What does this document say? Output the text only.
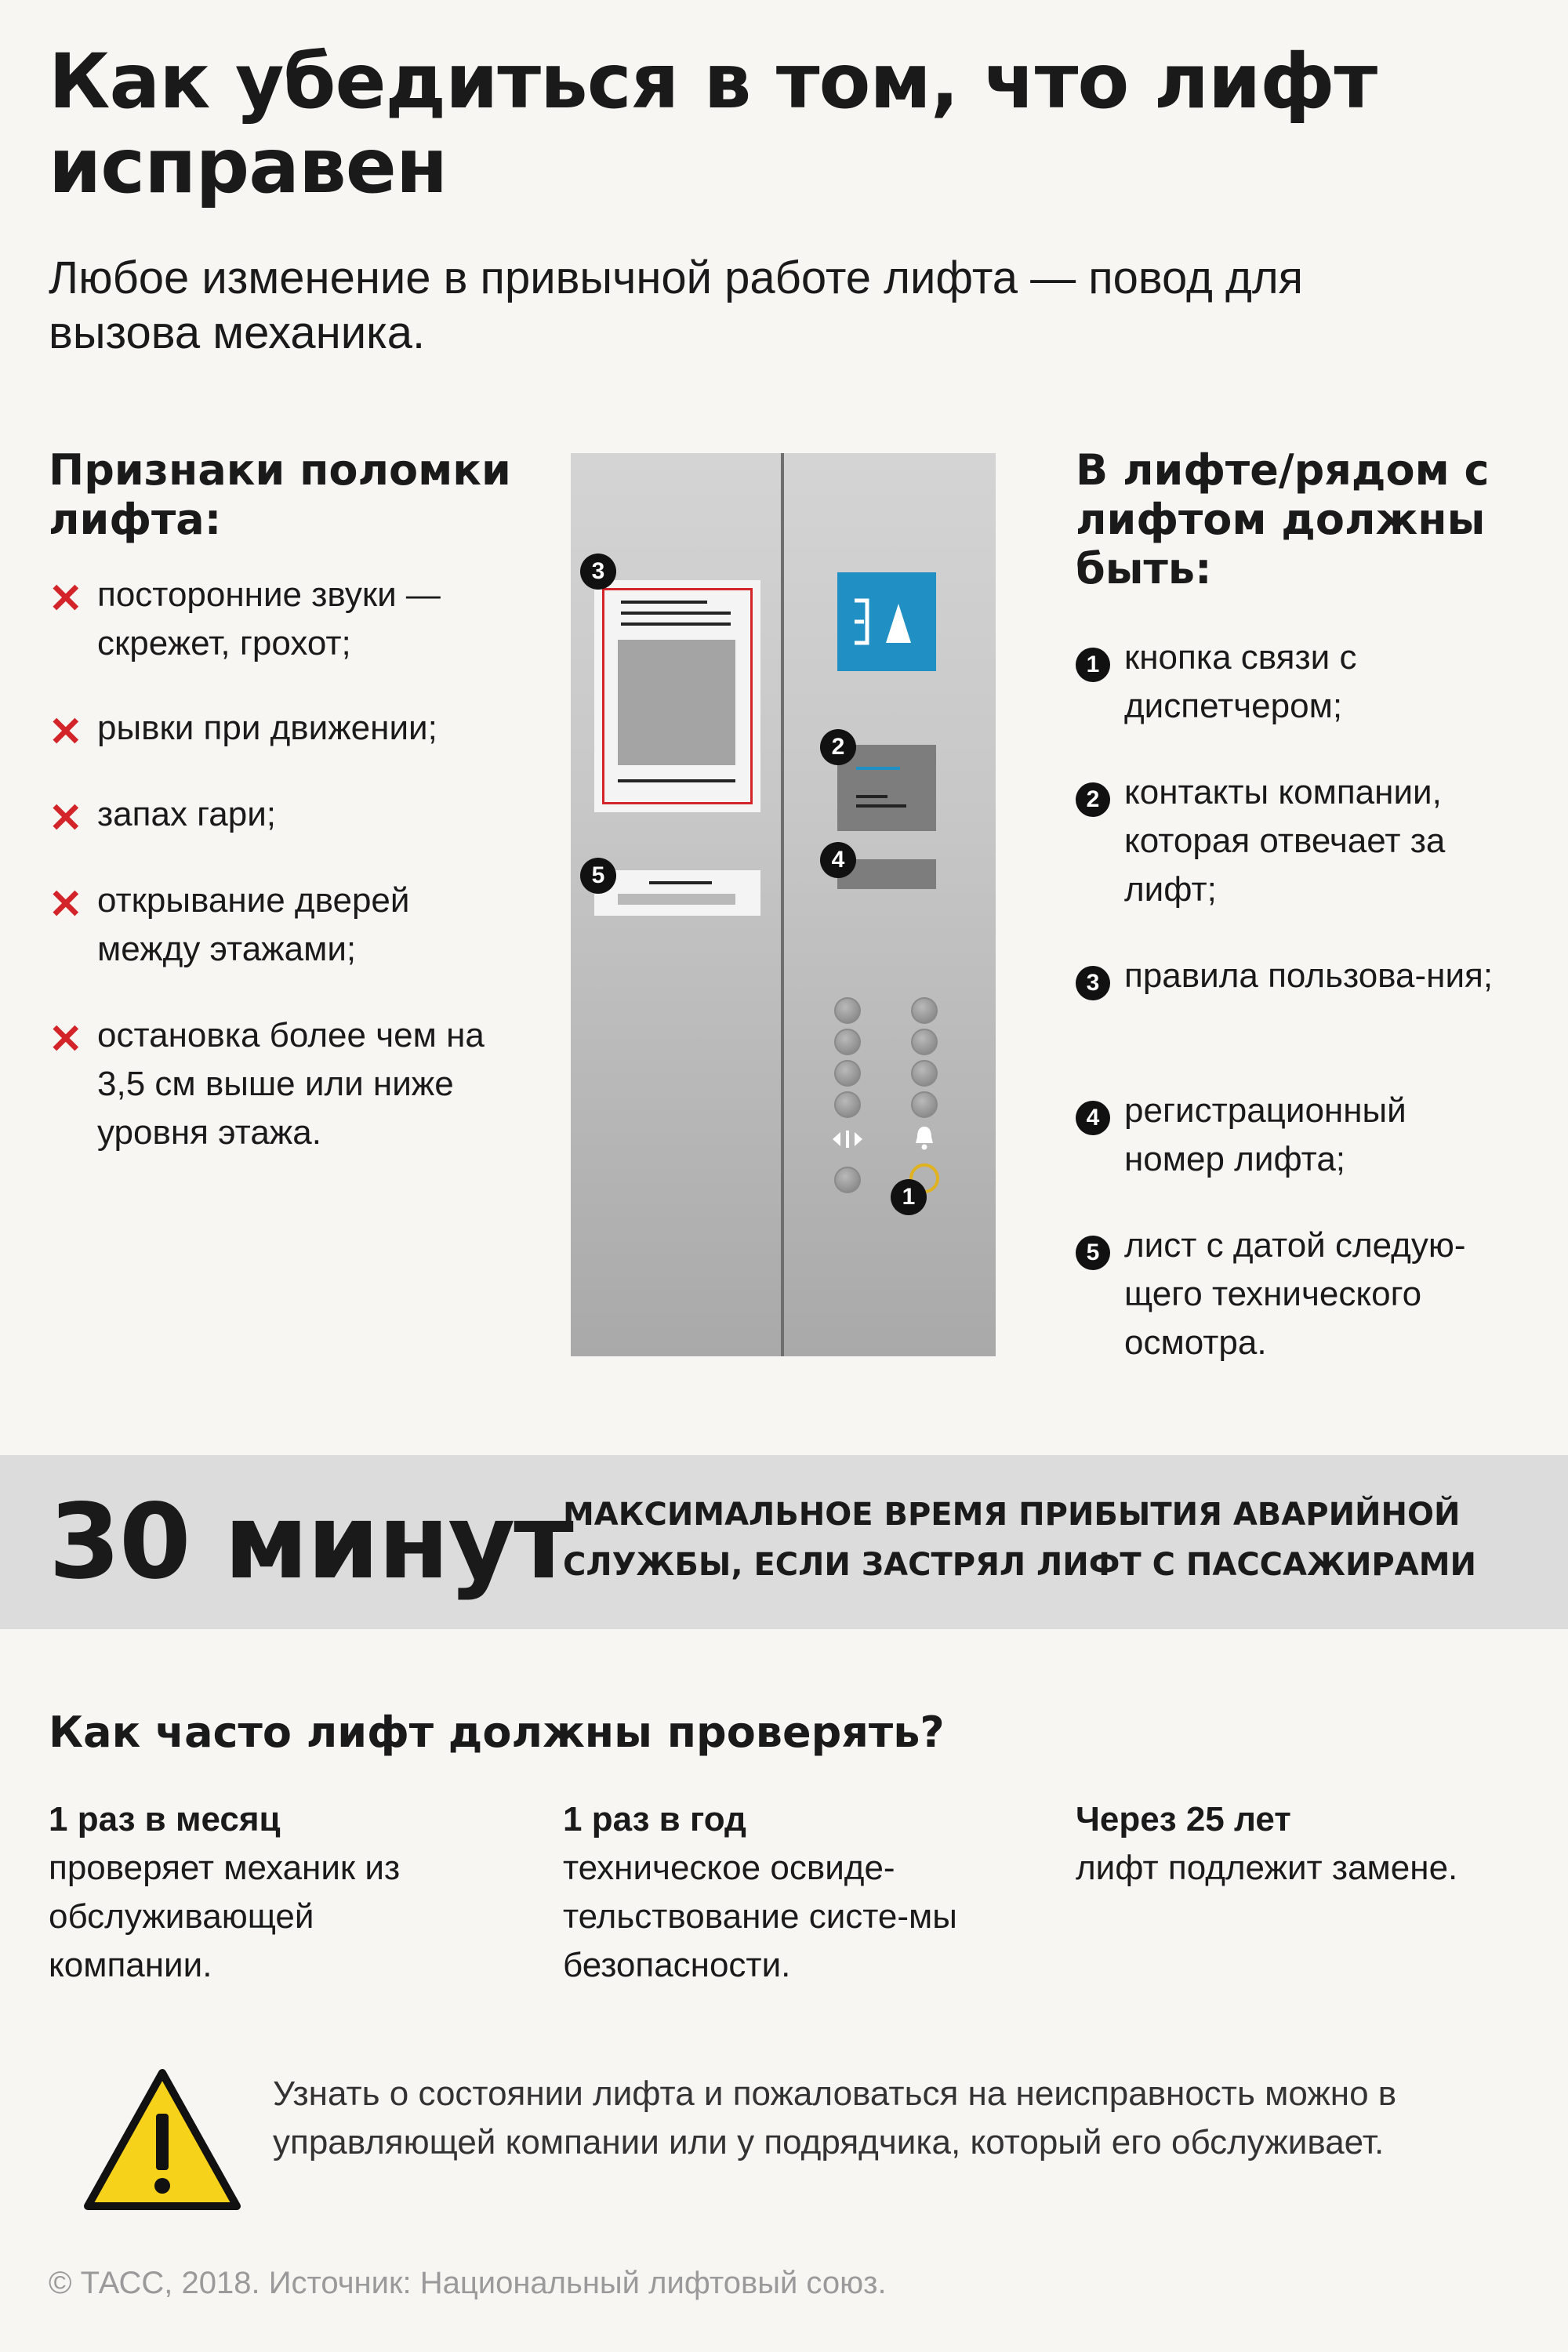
Как убедиться в том, что лифт исправен
Любое изменение в привычной работе лифта — повод для вызова механика.
Признаки поломки лифта:
✕ посторонние звуки — скрежет, грохот;
✕ рывки при движении;
✕ запах гари;
✕ открывание дверей между этажами;
✕ остановка более чем на 3,5 см выше или ниже уровня этажа.
3
5
2
4
1
В лифте/рядом с лифтом должны быть:
1 кнопка связи с диспетчером;
2 контакты компании, которая отвечает за лифт;
3 правила пользова-ния;
4 регистрационный номер лифта;
5 лист с датой следую-щего технического осмотра.
30 минут
МАКСИМАЛЬНОЕ ВРЕМЯ ПРИБЫТИЯ АВАРИЙНОЙ СЛУЖБЫ, ЕСЛИ ЗАСТРЯЛ ЛИФТ С ПАССАЖИРАМИ
Как часто лифт должны проверять?
1 раз в месяц
проверяет механик из обслуживающей компании.
1 раз в год
техническое освиде-тельствование систе-мы безопасности.
Через 25 лет
лифт подлежит замене.
Узнать о состоянии лифта и пожаловаться на неисправность можно в управляющей компании или у подрядчика, который его обслуживает.
© ТАСС, 2018. Источник: Национальный лифтовый союз.
